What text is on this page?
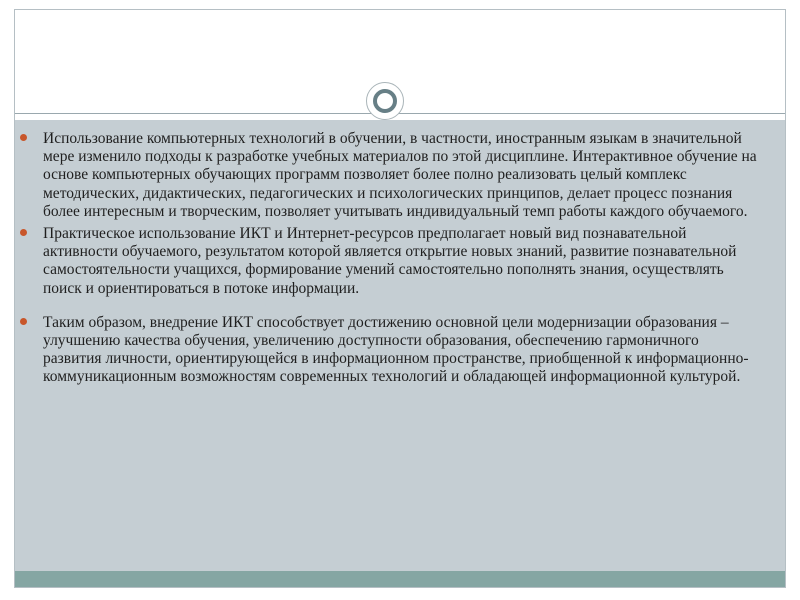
Использование компьютерных технологий в обучении, в частности, иностранным языкам в значительной мере изменило подходы к разработке учебных материалов по этой дисциплине. Интерактивное обучение на основе компьютерных обучающих программ позволяет более полно реализовать целый комплекс методических, дидактических, педагогических и психологических принципов, делает процесс познания более интересным и творческим, позволяет учитывать индивидуальный темп работы каждого обучаемого.
Практическое использование ИКТ и Интернет-ресурсов предполагает новый вид познавательной активности обучаемого, результатом которой является открытие новых знаний, развитие познавательной самостоятельности учащихся, формирование умений самостоятельно пополнять знания, осуществлять поиск и ориентироваться в потоке информации.
Таким образом, внедрение ИКТ способствует достижению основной цели модернизации образования – улучшению качества обучения, увеличению доступности образования, обеспечению гармоничного развития личности, ориентирующейся в информационном пространстве, приобщенной к информационно-коммуникационным возможностям современных технологий и обладающей информационной культурой.
